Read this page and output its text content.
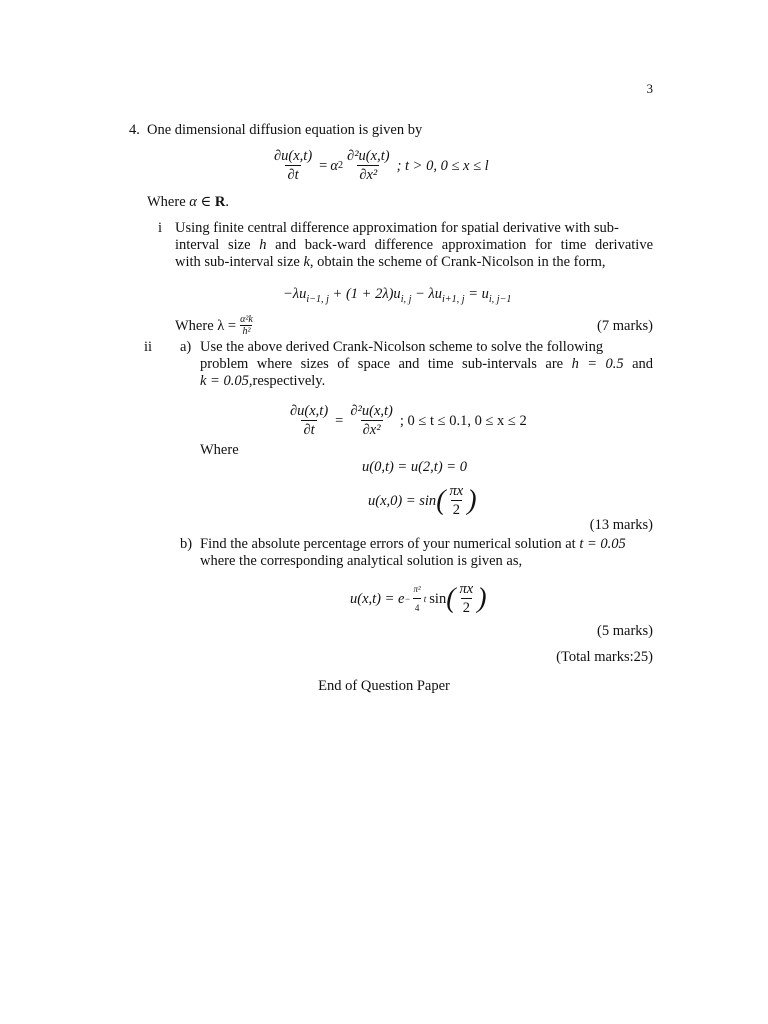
3
4. One dimensional diffusion equation is given by
$\frac{\partial u(x,t)}{\partial t} = \alpha$ $2 \frac{\text{∂²u(x,t)}}{\text{∂x²}}$ ; t > 0, 0 ≤ x ≤ l
Where α ∈ R.
i Using finite central difference approximation for spatial derivative with sub-
interval size h and back-ward difference approximation for time derivative
with sub-interval size k, obtain the scheme of Crank-Nicolson in the form,
$-\lambda u_{i-1, j} + (1 + 2\lambda)u_{i, j} - \lambda u_{i+1, j} = u_{i, j-1}$
Where $\lambda = \frac{\text{α²k}}{\text{h²}}$	(7 marks)
ii a) Use the above derived Crank-Nicolson scheme to solve the following
problem where sizes of space and time sub-intervals are h = 0.5 and
k = 0.05,respectively.
$\frac{\partial u(x,t)}{\partial t} = \frac{\text{∂²u(x,t)}}{\text{∂x²}}$ ; 0 ≤ t ≤ 0.1, 0 ≤ x ≤ 2
Where
u(0,t) = u(2,t) = 0
u(x,0) = sin ( $\frac{\pi x}{2}$ )
(13 marks)
b) Find the absolute percentage errors of your numerical solution at t = 0.05
where the corresponding analytical solution is given as,
$u(x,t) = e - \frac{\text{π²}}{4}$ t sin ( $\frac{\pi x}{2}$ )
(5 marks)
(Total marks:25)
End of Question Paper
